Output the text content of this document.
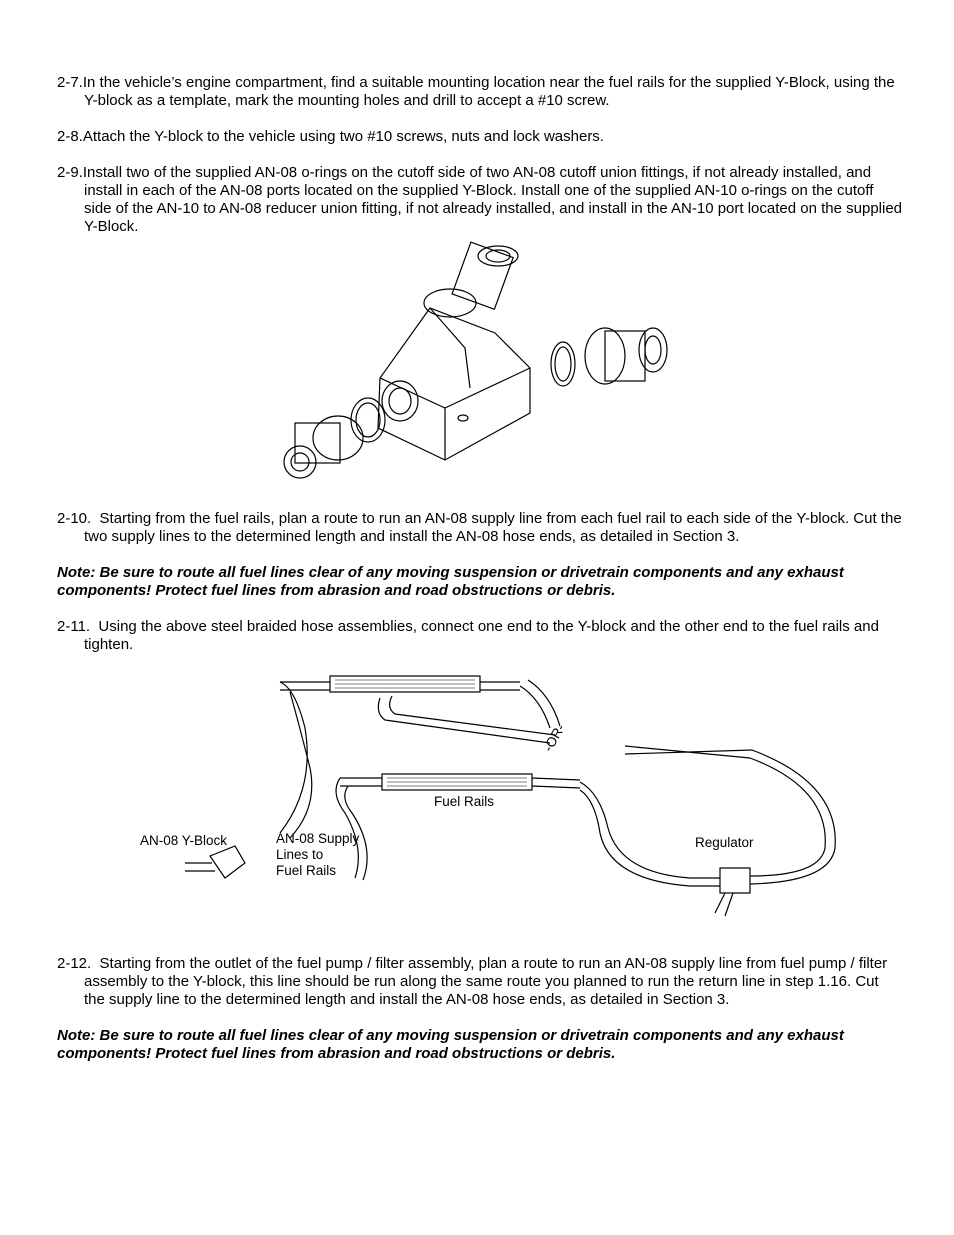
2-7.In the vehicle’s engine compartment, find a suitable mounting location near the fuel rails for the supplied Y-Block, using the Y-block as a template, mark the mounting holes and drill to accept a #10 screw.
2-8.Attach the Y-block to the vehicle using two #10 screws, nuts and lock washers.
2-9.Install two of the supplied AN-08 o-rings on the cutoff side of two AN-08 cutoff union fittings, if not already installed, and install in each of the AN-08 ports located on the supplied Y-Block. Install one of the supplied AN-10 o-rings on the cutoff side of the AN-10 to AN-08 reducer union fitting, if not already installed, and install in the AN-10 port located on the supplied Y-Block.
2-10. Starting from the fuel rails, plan a route to run an AN-08 supply line from each fuel rail to each side of the Y-block. Cut the two supply lines to the determined length and install the AN-08 hose ends, as detailed in Section 3.
Note: Be sure to route all fuel lines clear of any moving suspension or drivetrain components and any exhaust components! Protect fuel lines from abrasion and road obstructions or debris.
2-11. Using the above steel braided hose assemblies, connect one end to the Y-block and the other end to the fuel rails and tighten.
-OR-
Fuel Rails
AN-08 Y-Block	AN-08 Supply
Lines to
Fuel Rails
Regulator
2-12. Starting from the outlet of the fuel pump / filter assembly, plan a route to run an AN-08 supply line from fuel pump / filter assembly to the Y-block, this line should be run along the same route you planned to run the return line in step 1.16. Cut the supply line to the determined length and install the AN-08 hose ends, as detailed in Section 3.
Note: Be sure to route all fuel lines clear of any moving suspension or drivetrain components and any exhaust components! Protect fuel lines from abrasion and road obstructions or debris.
